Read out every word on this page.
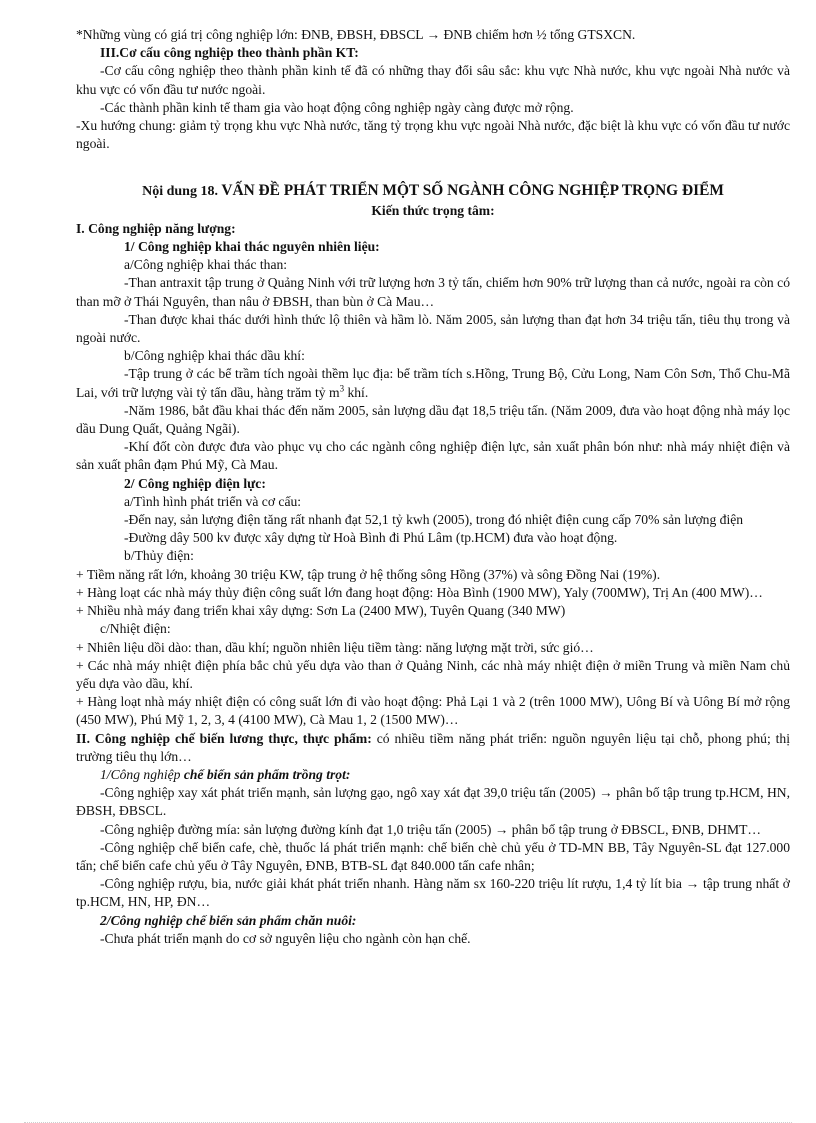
*Những vùng có giá trị công nghiệp lớn: ĐNB, ĐBSH, ĐBSCL → ĐNB chiếm hơn ½ tổng GTSXCN.

III.Cơ cấu công nghiệp theo thành phần KT:

-Cơ cấu công nghiệp theo thành phần kinh tế đã có những thay đổi sâu sắc: khu vực Nhà nước, khu vực ngoài Nhà nước và khu vực có vốn đầu tư nước ngoài.

-Các thành phần kinh tế tham gia vào hoạt động công nghiệp ngày càng được mở rộng.

-Xu hướng chung: giảm tỷ trọng khu vực Nhà nước, tăng tỷ trọng khu vực ngoài Nhà nước, đặc biệt là khu vực có vốn đầu tư nước ngoài.

Nội dung 18. VẤN ĐỀ PHÁT TRIỂN MỘT SỐ NGÀNH CÔNG NGHIỆP TRỌNG ĐIỂM

Kiến thức trọng tâm:

I. Công nghiệp năng lượng:

1/ Công nghiệp khai thác nguyên nhiên liệu:

a/Công nghiệp khai thác than:

-Than antraxit tập trung ở Quảng Ninh với trữ lượng hơn 3 tỷ tấn, chiếm hơn 90% trữ lượng than cả nước, ngoài ra còn có than mỡ ở Thái Nguyên, than nâu ở ĐBSH, than bùn ở Cà Mau…

-Than được khai thác dưới hình thức lộ thiên và hầm lò. Năm 2005, sản lượng than đạt hơn 34 triệu tấn, tiêu thụ trong và ngoài nước.

b/Công nghiệp khai thác dầu khí:

-Tập trung ở các bể trầm tích ngoài thềm lục địa: bể trầm tích s.Hồng, Trung Bộ, Cửu Long, Nam Côn Sơn, Thổ Chu-Mã Lai, với trữ lượng vài tỷ tấn dầu, hàng trăm tỷ $m^3$ khí.

-Năm 1986, bắt đầu khai thác đến năm 2005, sản lượng dầu đạt 18,5 triệu tấn. (Năm 2009, đưa vào hoạt động nhà máy lọc dầu Dung Quất, Quảng Ngãi).

-Khí đốt còn được đưa vào phục vụ cho các ngành công nghiệp điện lực, sản xuất phân bón như: nhà máy nhiệt điện và sản xuất phân đạm Phú Mỹ, Cà Mau.

2/ Công nghiệp điện lực:

a/Tình hình phát triển và cơ cấu:

-Đến nay, sản lượng điện tăng rất nhanh đạt 52,1 tỷ kwh (2005), trong đó nhiệt điện cung cấp 70% sản lượng điện

-Đường dây 500 kv được xây dựng từ Hoà Bình đi Phú Lâm (tp.HCM) đưa vào hoạt động.

b/Thủy điện:

+ Tiềm năng rất lớn, khoảng 30 triệu KW, tập trung ở hệ thống sông Hồng (37%) và sông Đồng Nai (19%).

+ Hàng loạt các nhà máy thủy điện công suất lớn đang hoạt động: Hòa Bình (1900 MW), Yaly (700MW), Trị An (400 MW)…

+ Nhiều nhà máy đang triển khai xây dựng: Sơn La (2400 MW), Tuyên Quang (340 MW)

c/Nhiệt điện:

+ Nhiên liệu dồi dào: than, dầu khí; nguồn nhiên liệu tiềm tàng: năng lượng mặt trời, sức gió…

+ Các nhà máy nhiệt điện phía bắc chủ yếu dựa vào than ở Quảng Ninh, các nhà máy nhiệt điện ở miền Trung và miền Nam chủ yếu dựa vào dầu, khí.

+ Hàng loạt nhà máy nhiệt điện có công suất lớn đi vào hoạt động: Phả Lại 1 và 2 (trên 1000 MW), Uông Bí và Uông Bí mở rộng (450 MW), Phú Mỹ 1, 2, 3, 4 (4100 MW), Cà Mau 1, 2 (1500 MW)…

II. Công nghiệp chế biến lương thực, thực phẩm: có nhiều tiềm năng phát triển: nguồn nguyên liệu tại chỗ, phong phú; thị trường tiêu thụ lớn…

1/Công nghiệp chế biến sản phẩm trồng trọt:

-Công nghiệp xay xát phát triển mạnh, sản lượng gạo, ngô xay xát đạt 39,0 triệu tấn (2005) → phân bố tập trung tp.HCM, HN, ĐBSH, ĐBSCL.

-Công nghiệp đường mía: sản lượng đường kính đạt 1,0 triệu tấn (2005) → phân bố tập trung ở ĐBSCL, ĐNB, DHMT…

-Công nghiệp chế biến cafe, chè, thuốc lá phát triển mạnh: chế biến chè chủ yếu ở TD-MN BB, Tây Nguyên-SL đạt 127.000 tấn; chế biến cafe chủ yếu ở Tây Nguyên, ĐNB, BTB-SL đạt 840.000 tấn cafe nhân;

-Công nghiệp rượu, bia, nước giải khát phát triển nhanh. Hàng năm sx 160-220 triệu lít rượu, 1,4 tỷ lít bia → tập trung nhất ở tp.HCM, HN, HP, ĐN…

2/Công nghiệp chế biến sản phẩm chăn nuôi:

-Chưa phát triển mạnh do cơ sở nguyên liệu cho ngành còn hạn chế.
